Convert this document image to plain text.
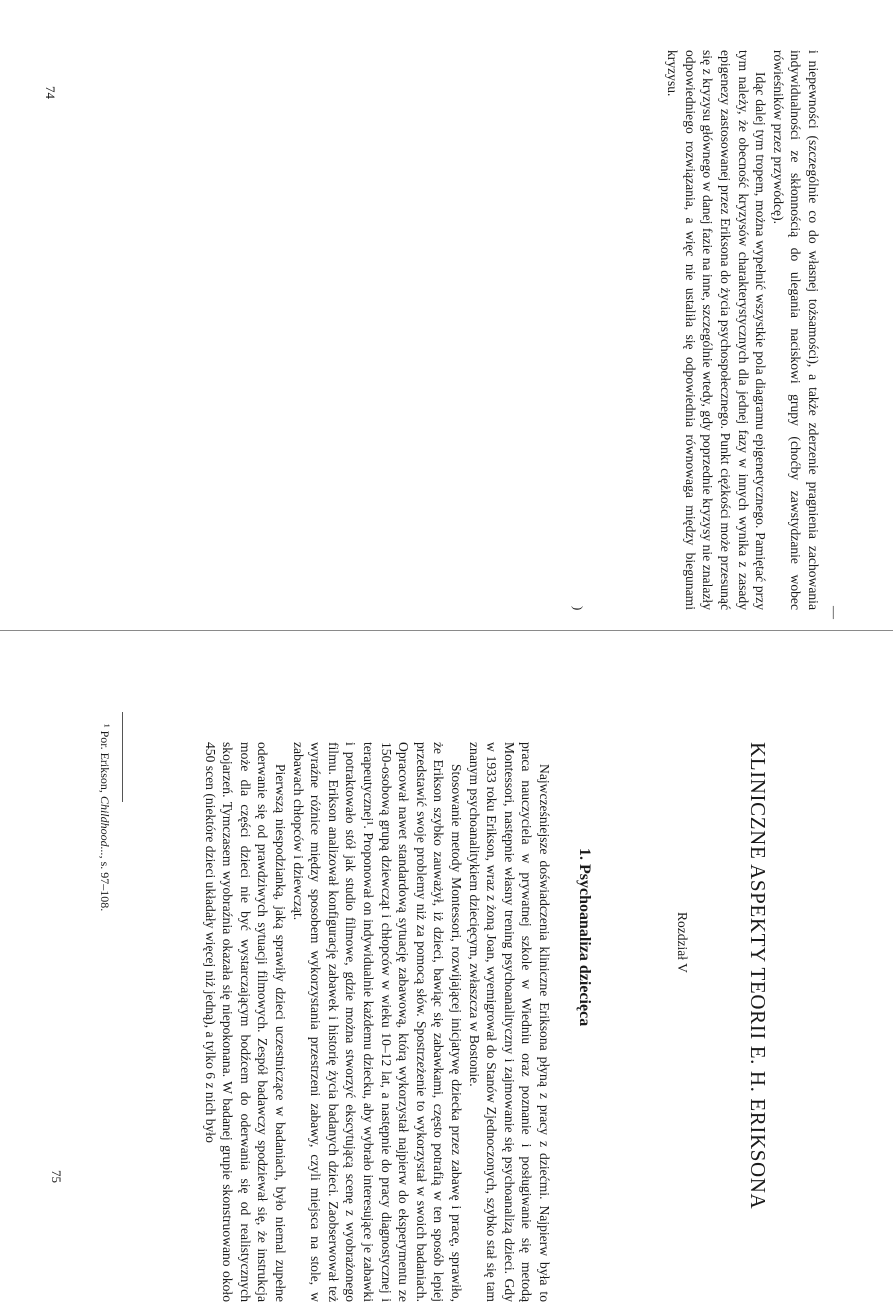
74	i niepewności (szczególnie co do własnej tożsamości), a także zderzenie pragnienia zachowania indywidualności ze skłonnością do ulegania naciskowi grupy (choćby zawstydzanie wobec rówieśników przez przywódcę).

Idąc dalej tym tropem, można wypełnić wszystkie pola diagramu epigenetycznego. Pamiętać przy tym należy, że obecność kryzysów charakterystycznych dla jednej fazy w innych wynika z zasady epigenezy zastosowanej przez Eriksona do życia psychospołecznego. Punkt ciężkości może przesunąć się z kryzysu głównego w danej fazie na inne, szczególnie wtedy, gdy poprzednie kryzysy nie znalazły odpowiedniego rozwiązania, a więc nie ustaliła się odpowiednia równowaga między biegunami kryzysu.

)	—
Rozdział V	KLINICZNE ASPEKTY TEORII E. H. ERIKSONA
1. Psychoanaliza dziecięca

Najwcześniejsze doświadczenia kliniczne Eriksona płyną z pracy z dziećmi. Najpierw była to praca nauczyciela w prywatnej szkole w Wiedniu oraz poznanie i posługiwanie się metodą Montessori, następnie własny trening psychoanalityczny i zajmowanie się psychoanalizą dzieci. Gdy w 1933 roku Erikson, wraz z żoną Joan, wyemigrował do Stanów Zjednoczonych, szybko stał się tam znanym psychoanalitykiem dziecięcym, zwłaszcza w Bostonie.

Stosowanie metody Montessori, rozwijającej inicjatywę dziecka przez zabawę i pracę, sprawiło, że Erikson szybko zauważył, iż dzieci, bawiąc się zabawkami, często potrafią w ten sposób lepiej przedstawić swoje problemy niż za pomocą słów. Spostrzeżenie to wykorzystał w swoich badaniach. Opracował nawet standardową sytuację zabawową, którą wykorzystał najpierw do eksperymentu ze 150-osobową grupą dziewcząt i chłopców w wieku 10–12 lat, a następnie do pracy diagnostycznej i terapeutycznej¹. Proponował on indywidualnie każdemu dziecku, aby wybrało interesujące je zabawki i potraktowało stół jak studio filmowe, gdzie można stworzyć ekscytującą scenę z wyobrażonego filmu. Erikson analizował konfigurację zabawek i historię życia badanych dzieci. Zaobserwował też wyraźne różnice między sposobem wykorzystania przestrzeni zabawy, czyli miejsca na stole, w zabawach chłopców i dziewcząt.

Pierwszą niespodzianką, jaką sprawiły dzieci uczestniczące w badaniach, było niemal zupełne oderwanie się od prawdziwych sytuacji filmowych. Zespół badawczy spodziewał się, że instrukcja może dla części dzieci nie być wystarczającym bodźcem do oderwania się od realistycznych skojarzeń. Tymczasem wyobraźnia okazała się niepokonana. W badanej grupie skonstruowano około 450 scen (niektóre dzieci układały więcej niż jedną), a tylko 6 z nich było

¹ Por. Erikson, Childhood..., s. 97–108.
75
